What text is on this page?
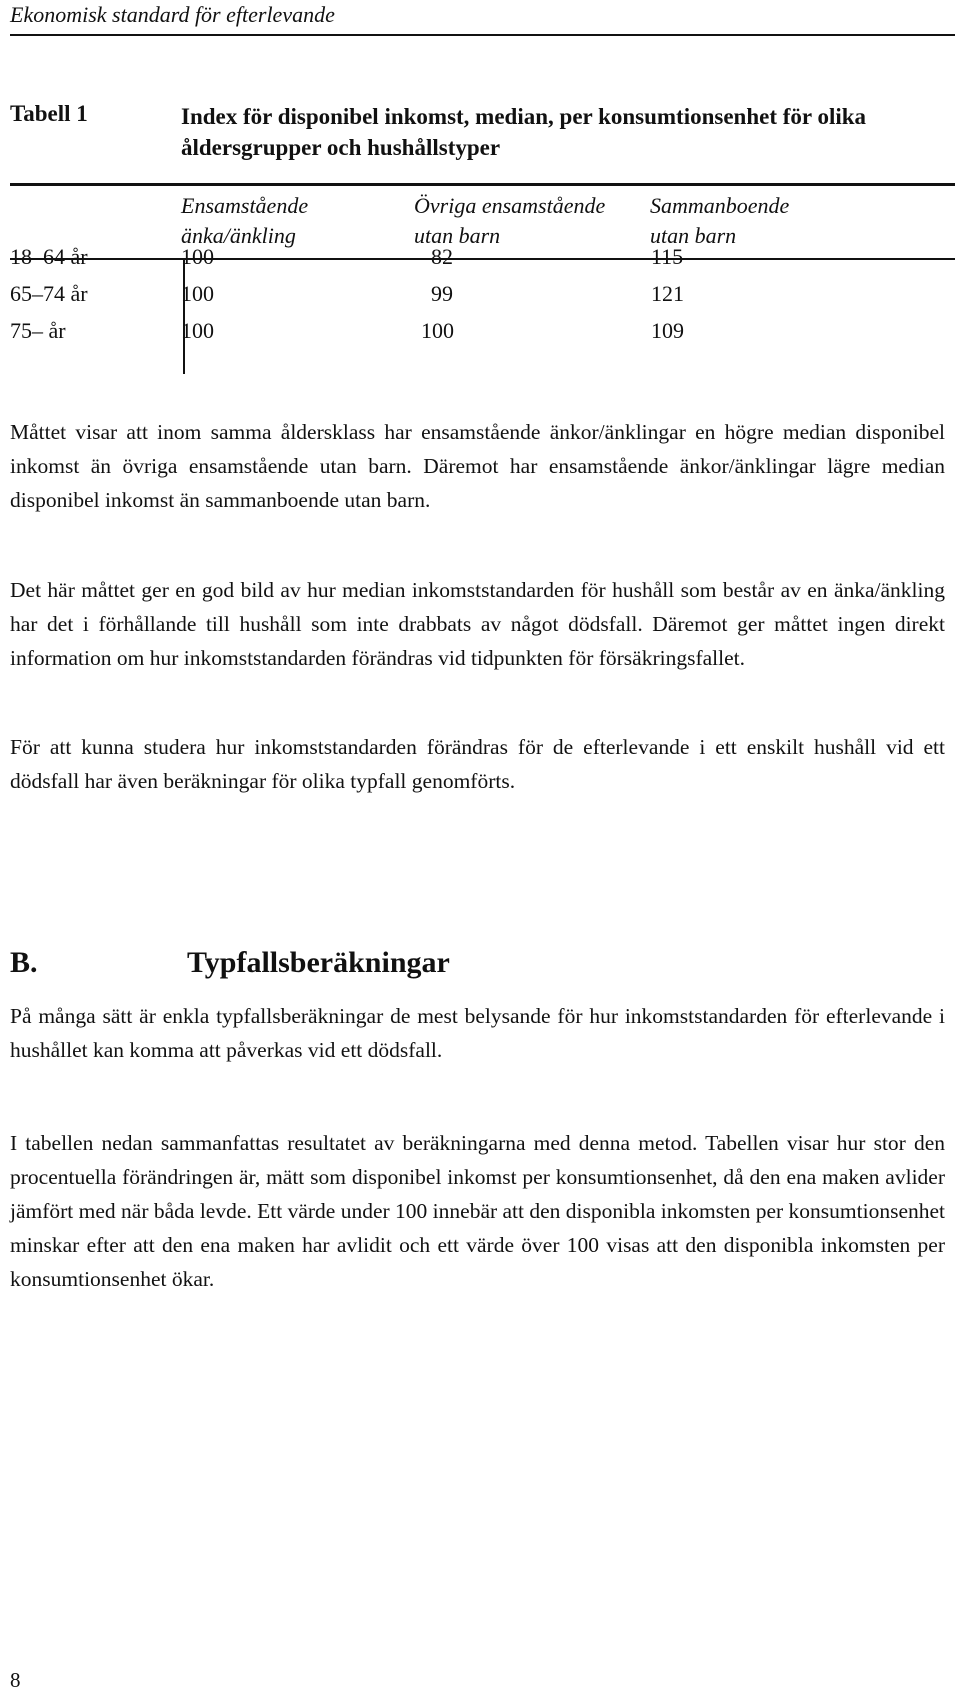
Ekonomisk standard för efterlevande
Tabell 1	Index för disponibel inkomst, median, per konsumtionsenhet för olika åldersgrupper och hushållstyper
Ensamstående
änka/änkling
Övriga ensamstående
utan barn
Sammanboende
utan barn
18–64 år	100	82	115
65–74 år	100	99	121
75– år	100	100	109
Måttet visar att inom samma åldersklass har ensamstående änkor/änklingar en högre median disponibel inkomst än övriga ensamstående utan barn. Däremot har ensamstående änkor/änklingar lägre median disponibel inkomst än sammanboende utan barn.
Det här måttet ger en god bild av hur median inkomststandarden för hushåll som består av en änka/änkling har det i förhållande till hushåll som inte drabbats av något dödsfall. Däremot ger måttet ingen direkt information om hur inkomststandarden förändras vid tidpunkten för försäkringsfallet.
För att kunna studera hur inkomststandarden förändras för de efterlevande i ett enskilt hushåll vid ett dödsfall har även beräkningar för olika typfall genomförts.
B.	Typfallsberäkningar
På många sätt är enkla typfallsberäkningar de mest belysande för hur inkomststandarden för efterlevande i hushållet kan komma att påverkas vid ett dödsfall.
I tabellen nedan sammanfattas resultatet av beräkningarna med denna metod. Tabellen visar hur stor den procentuella förändringen är, mätt som disponibel inkomst per konsumtionsenhet, då den ena maken avlider jämfört med när båda levde. Ett värde under 100 innebär att den disponibla inkomsten per konsumtionsenhet minskar efter att den ena maken har avlidit och ett värde över 100 visas att den disponibla inkomsten per konsumtionsenhet ökar.
8
